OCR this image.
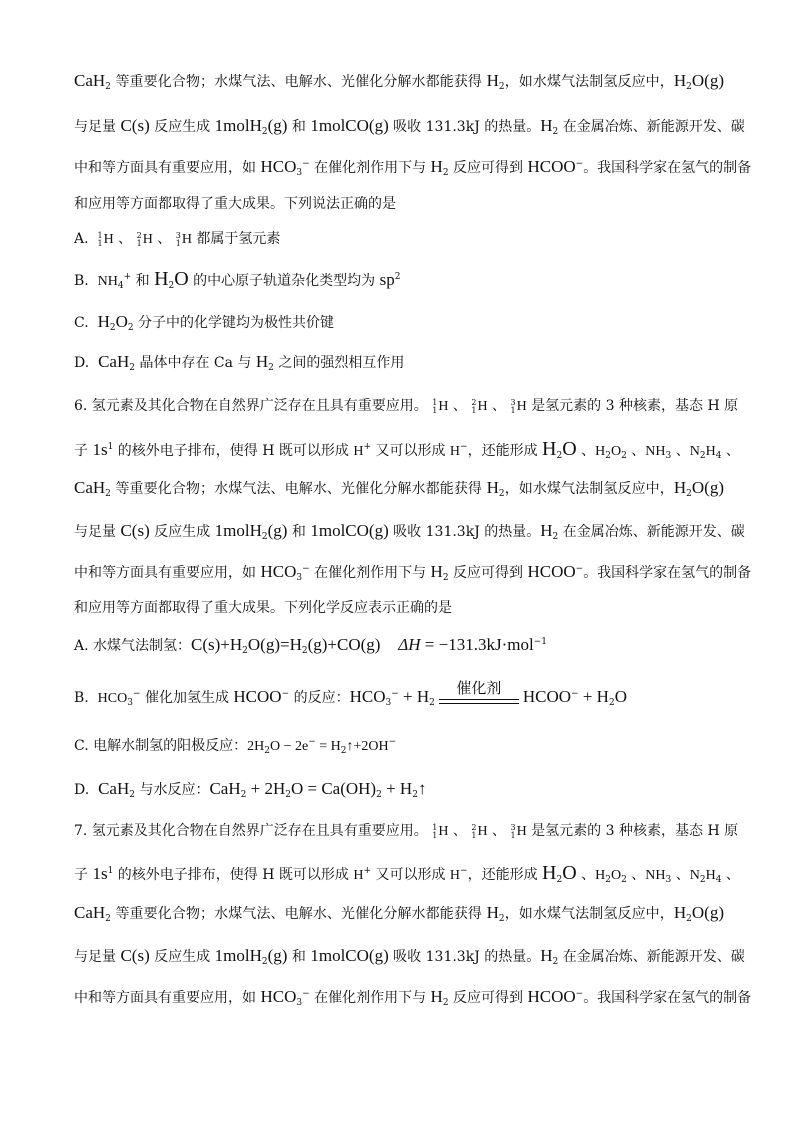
CaH$_2$ 等重要化合物；水煤气法、电解水、光催化分解水都能获得 $H_2$，如水煤气法制氢反应中，$H_2O(g)$
与足量 C(s) 反应生成 1molH$_2$(g) 和 1molCO(g) 吸收 131.3kJ 的热量。$H_2$ 在金属冶炼、新能源开发、碳
中和等方面具有重要应用，如 $HCO_3^-$ 在催化剂作用下与 $H_2$ 反应可得到 HCOO−。我国科学家在氢气的制备
和应用等方面都取得了重大成果。下列说法正确的是
A. 1
1 H 、 2
1 H 、 3
1 H 都属于氢元素
B. $NH_4^+$ 和 $H_2O$ 的中心原子轨道杂化类型均为 $sp^2$
C. $H_2O_2$ 分子中的化学键均为极性共价键
D. CaH$_2$ 晶体中存在 Ca 与 $H_2$ 之间的强烈相互作用
6. 氢元素及其化合物在自然界广泛存在且具有重要应用。 1
1 H 、 2
1 H 、 3
1 H 是氢元素的 3 种核素，基态 H 原
子 $1s^1$ 的核外电子排布，使得 H 既可以形成 H+ 又可以形成 H−，还能形成 $H_2O$ 、$H_2O_2$ 、$NH_3$ 、$N_2H_4$ 、
CaH$_2$ 等重要化合物；水煤气法、电解水、光催化分解水都能获得 $H_2$，如水煤气法制氢反应中，$H_2O(g)$
与足量 C(s) 反应生成 1molH$_2$(g) 和 1molCO(g) 吸收 131.3kJ 的热量。$H_2$ 在金属冶炼、新能源开发、碳
中和等方面具有重要应用，如 $HCO_3^-$ 在催化剂作用下与 $H_2$ 反应可得到 HCOO−。我国科学家在氢气的制备
和应用等方面都取得了重大成果。下列化学反应表示正确的是
A. 水煤气法制氢：$C(s)+H_2O(g)=H_2(g)+CO(g) \Delta H = -131.3kJ\cdot mol^{-1}$
B. $HCO_3^-$ 催化加氢生成 HCOO− 的反应：$HCO_3^- + H_2$
催化剂	HCOO− + $H_2O$
C. 电解水制氢的阳极反应：$2H_2O - 2e^-$ = $H_2↑+2OH^-$
D. CaH$_2$ 与水反应：$CaH_2 + 2H_2O = Ca(OH)_2$ + $H_2↑$
7. 氢元素及其化合物在自然界广泛存在且具有重要应用。 1
1 H 、 2
1 H 、 3
1 H 是氢元素的 3 种核素，基态 H 原
子 $1s^1$ 的核外电子排布，使得 H 既可以形成 H+ 又可以形成 H−，还能形成 $H_2O$ 、$H_2O_2$ 、$NH_3$ 、$N_2H_4$ 、
CaH$_2$ 等重要化合物；水煤气法、电解水、光催化分解水都能获得 $H_2$，如水煤气法制氢反应中，$H_2O(g)$
与足量 C(s) 反应生成 1molH$_2$(g) 和 1molCO(g) 吸收 131.3kJ 的热量。$H_2$ 在金属冶炼、新能源开发、碳
中和等方面具有重要应用，如 $HCO_3^-$ 在催化剂作用下与 $H_2$ 反应可得到 HCOO−。我国科学家在氢气的制备
